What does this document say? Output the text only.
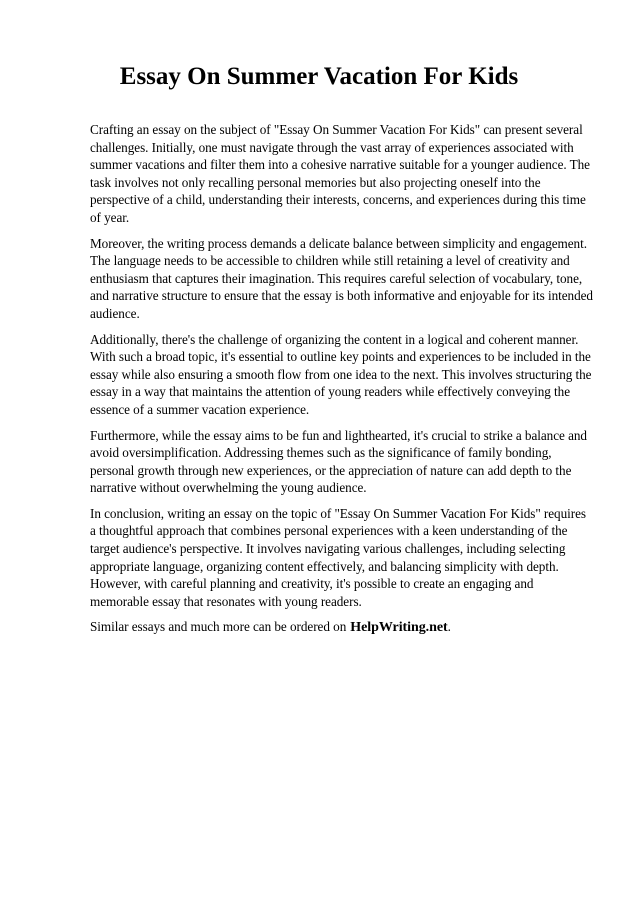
Essay On Summer Vacation For Kids

Crafting an essay on the subject of "Essay On Summer Vacation For Kids" can present several challenges. Initially, one must navigate through the vast array of experiences associated with summer vacations and filter them into a cohesive narrative suitable for a younger audience. The task involves not only recalling personal memories but also projecting oneself into the perspective of a child, understanding their interests, concerns, and experiences during this time of year.

Moreover, the writing process demands a delicate balance between simplicity and engagement. The language needs to be accessible to children while still retaining a level of creativity and enthusiasm that captures their imagination. This requires careful selection of vocabulary, tone, and narrative structure to ensure that the essay is both informative and enjoyable for its intended audience.

Additionally, there's the challenge of organizing the content in a logical and coherent manner. With such a broad topic, it's essential to outline key points and experiences to be included in the essay while also ensuring a smooth flow from one idea to the next. This involves structuring the essay in a way that maintains the attention of young readers while effectively conveying the essence of a summer vacation experience.

Furthermore, while the essay aims to be fun and lighthearted, it's crucial to strike a balance and avoid oversimplification. Addressing themes such as the significance of family bonding, personal growth through new experiences, or the appreciation of nature can add depth to the narrative without overwhelming the young audience.

In conclusion, writing an essay on the topic of "Essay On Summer Vacation For Kids" requires a thoughtful approach that combines personal experiences with a keen understanding of the target audience's perspective. It involves navigating various challenges, including selecting appropriate language, organizing content effectively, and balancing simplicity with depth. However, with careful planning and creativity, it's possible to create an engaging and memorable essay that resonates with young readers.

Similar essays and much more can be ordered on HelpWriting.net.
